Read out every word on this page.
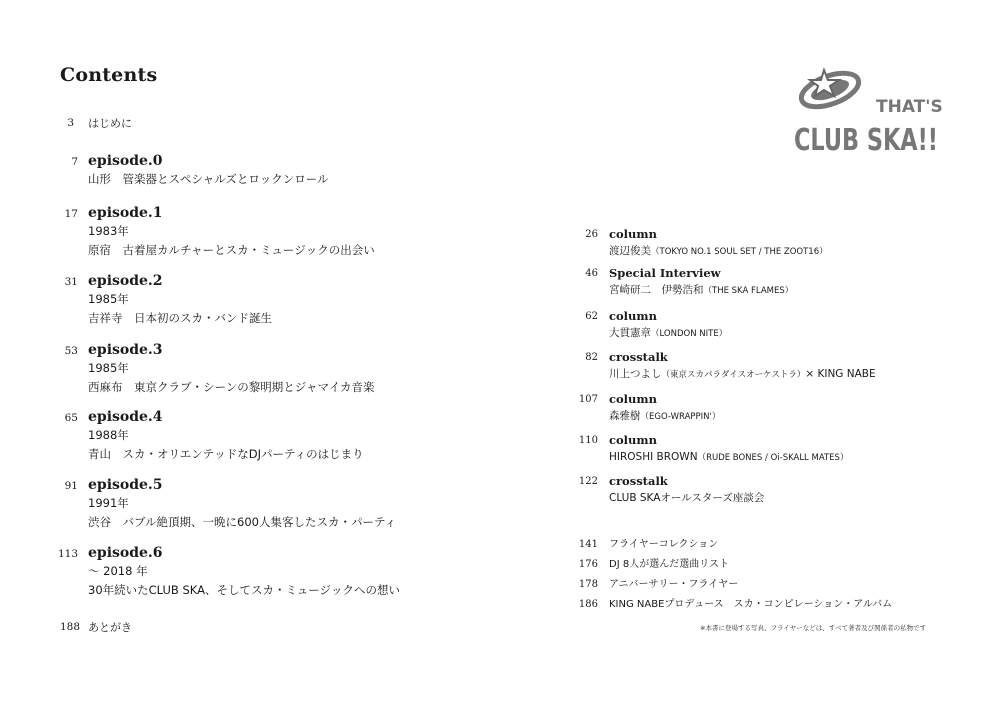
Contents
THAT'S
CLUB SKA!!
3 はじめに
7 episode.0
山形　管楽器とスペシャルズとロックンロール
17 episode.1
1983年
原宿　古着屋カルチャーとスカ・ミュージックの出会い
31 episode.2
1985年
吉祥寺　日本初のスカ・バンド誕生
53 episode.3
1985年
西麻布　東京クラブ・シーンの黎明期とジャマイカ音楽
65 episode.4
1988年
青山　スカ・オリエンテッドなDJパーティのはじまり
91 episode.5
1991年
渋谷　バブル絶頂期、一晩に600人集客したスカ・パーティ
113 episode.6
～ 2018 年
30年続いたCLUB SKA、そしてスカ・ミュージックへの想い
188 あとがき
26 column
渡辺俊美（TOKYO NO.1 SOUL SET / THE ZOOT16）
46 Special Interview
宮崎研二　伊勢浩和（THE SKA FLAMES）
62 column
大貫憲章（LONDON NITE）
82 crosstalk
川上つよし（東京スカパラダイスオーケストラ）× KING NABE
107 column
森雅樹（EGO-WRAPPIN'）
110 column
HIROSHI BROWN（RUDE BONES / Oi-SKALL MATES）
122 crosstalk
CLUB SKAオールスターズ座談会
141 フライヤーコレクション
176 DJ 8人が選んだ選曲リスト
178 アニバーサリー・フライヤー
186 KING NABEプロデュース　スカ・コンピレーション・アルバム
※本書に登場する写真、フライヤーなどは、すべて著者及び関係者の私物です
